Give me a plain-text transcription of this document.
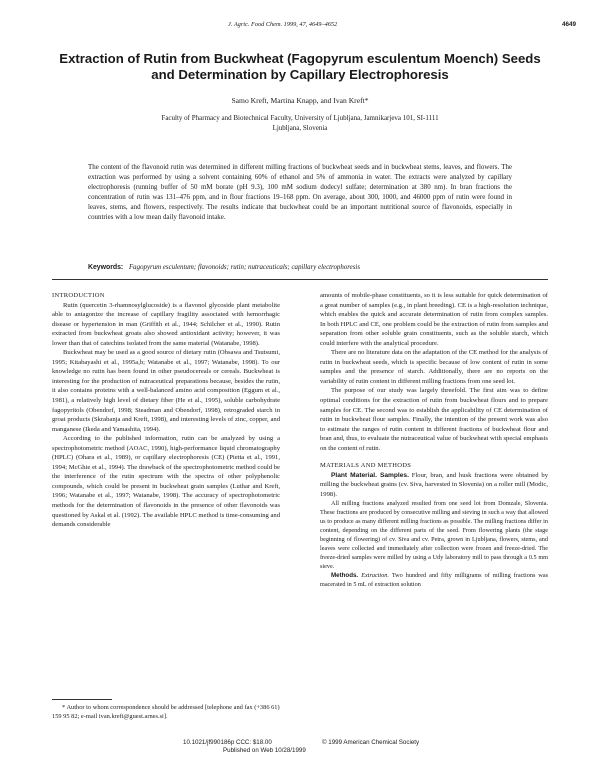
J. Agric. Food Chem. 1999, 47, 4649–4652	4649
Extraction of Rutin from Buckwheat (Fagopyrum esculentum Moench) Seeds and Determination by Capillary Electrophoresis
Samo Kreft, Martina Knapp, and Ivan Kreft*
Faculty of Pharmacy and Biotechnical Faculty, University of Ljubljana, Jamnikarjeva 101, SI-1111 Ljubljana, Slovenia
The content of the flavonoid rutin was determined in different milling fractions of buckwheat seeds and in buckwheat stems, leaves, and flowers. The extraction was performed by using a solvent containing 60% of ethanol and 5% of ammonia in water. The extracts were analyzed by capillary electrophoresis (running buffer of 50 mM borate (pH 9.3), 100 mM sodium dodecyl sulfate; determination at 380 nm). In bran fractions the concentration of rutin was 131–476 ppm, and in flour fractions 19–168 ppm. On average, about 300, 1000, and 46000 ppm of rutin were found in leaves, stems, and flowers, respectively. The results indicate that buckwheat could be an important nutritional source of flavonoids, especially in countries with a low mean daily flavonoid intake.
Keywords: Fagopyrum esculentum; flavonoids; rutin; nutraceuticals; capillary electrophoresis

INTRODUCTION

Rutin (quercetin 3-rhamnosylglucoside) is a flavonol glycoside plant metabolite able to antagonize the increase of capillary fragility associated with hemorrhagic disease or hypertension in man (Griffith et al., 1944; Schilcher et al., 1990). Rutin extracted from buckwheat groats also showed antioxidant activity; however, it was lower than that of catechins isolated from the same material (Watanabe, 1998).

Buckwheat may be used as a good source of dietary rutin (Ohsawa and Tsutsumi, 1995; Kitabayashi et al., 1995a,b; Watanabe et al., 1997; Watanabe, 1998). To our knowledge no rutin has been found in other pseudocereals or cereals. Buckwheat is interesting for the production of nutraceutical preparations because, besides the rutin, it also contains proteins with a well-balanced amino acid composition (Eggum et al., 1981), a relatively high level of dietary fiber (He et al., 1995), soluble carbohydrate fagopyritols (Obendorf, 1998; Steadman and Obendorf, 1998), retrograded starch in groat products (Skrabanja and Kreft, 1998), and interesting levels of zinc, copper, and manganese (Ikeda and Yamashita, 1994).

According to the published information, rutin can be analyzed by using a spectrophotometric method (AOAC, 1990), high-performance liquid chromatography (HPLC) (Ohara et al., 1989), or capillary electrophoresis (CE) (Pietta et al., 1991, 1994; McGhie et al., 1994). The drawback of the spectrophotometric method could be the interference of the rutin spectrum with the spectra of other polyphenolic compounds, which could be present in buckwheat grain samples (Luthar and Kreft, 1996; Watanabe et al., 1997; Watanabe, 1998). The accuracy of spectrophotometric methods for the determination of flavonoids in the presence of other flavonoids was questioned by Askal et al. (1992). The available HPLC method is time-consuming and demands considerable

* Author to whom correspondence should be addressed [telephone and fax (+386 61) 159 95 82; e-mail ivan.kreft@guest.arnes.si].

amounts of mobile-phase constituents, so it is less suitable for quick determination of a great number of samples (e.g., in plant breeding). CE is a high-resolution technique, which enables the quick and accurate determination of rutin from complex samples. In both HPLC and CE, one problem could be the extraction of rutin from samples and separation from other soluble grain constituents, such as the soluble starch, which could interfere with the analytical procedure.

There are no literature data on the adaptation of the CE method for the analysis of rutin in buckwheat seeds, which is specific because of low content of rutin in some samples and the presence of starch. Additionally, there are no reports on the variability of rutin content in different milling fractions from one seed lot.

The purpose of our study was largely threefold. The first aim was to define optimal conditions for the extraction of rutin from buckwheat flours and to prepare samples for CE. The second was to establish the applicability of CE determination of rutin in buckwheat flour samples. Finally, the intention of the present work was also to estimate the ranges of rutin content in different fractions of buckwheat flour and bran and, thus, to evaluate the nutraceutical value of buckwheat with special emphasis on the content of rutin.

MATERIALS AND METHODS

Plant Material. Samples. Flour, bran, and husk fractions were obtained by milling the buckwheat grains (cv. Siva, harvested in Slovenia) on a roller mill (Modic, 1998).

All milling fractions analyzed resulted from one seed lot from Domzale, Slovenia. These fractions are produced by consecutive milling and sieving in such a way that allowed us to produce as many different milling fractions as possible. The milling fractions differ in content, depending on the different parts of the seed. From flowering plants (the stage beginning of flowering) of cv. Siva and cv. Petra, grown in Ljubljana, flowers, stems, and leaves were collected and immediately after collection were frozen and freeze-dried. The freeze-dried samples were milled by using a Udy laboratory mill to pass through a 0.5 mm sieve.

Methods. Extraction. Two hundred and fifty milligrams of milling fractions was macerated in 5 mL of extraction solution

10.1021/jf990186p CCC: $18.00	© 1999 American Chemical Society
Published on Web 10/28/1999
